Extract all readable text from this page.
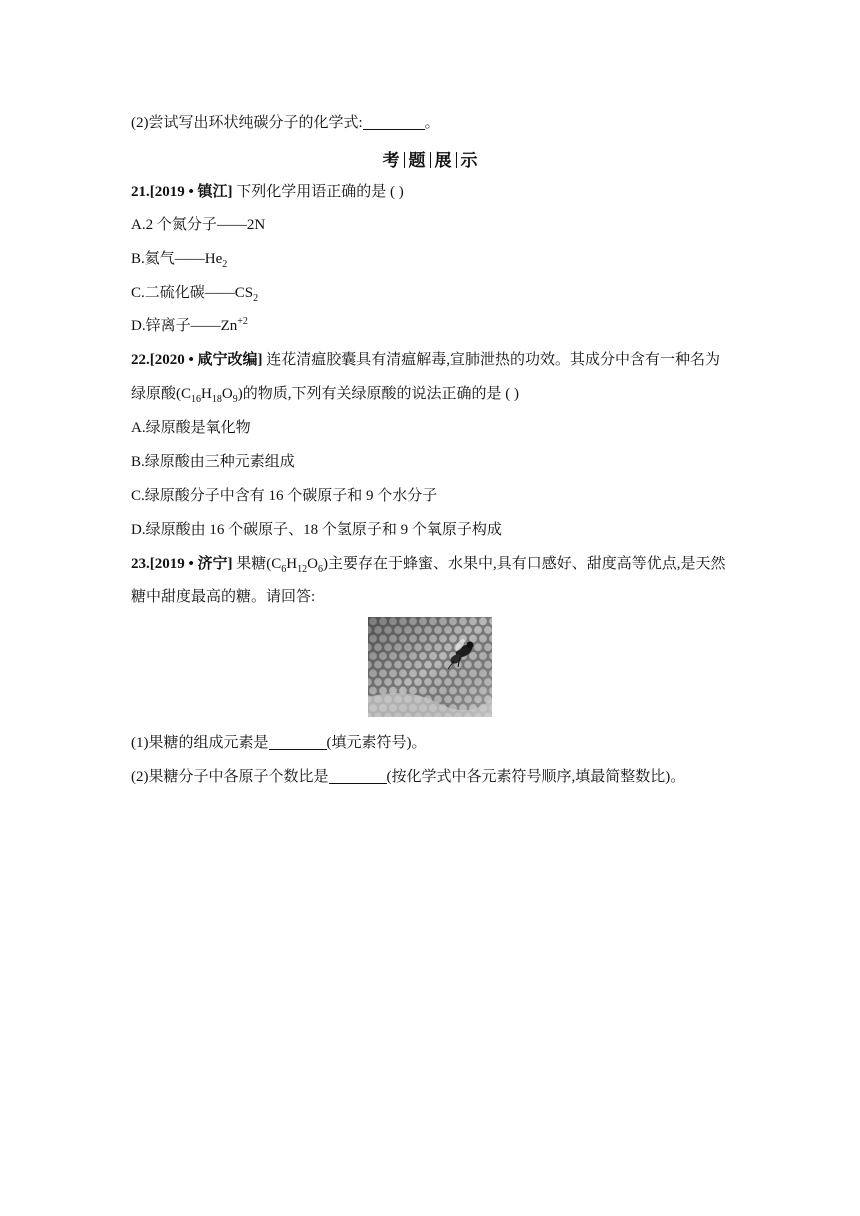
(2)尝试写出环状纯碳分子的化学式:	。
考 题 展 示
21.[2019 • 镇江] 下列化学用语正确的是 ( )
A.2 个氮分子——2N
B.氦气$——He_2$
C.二硫化碳$——CS_2$
D.锌离子$——Zn^{+2}$
22.[2020 • 咸宁改编] 连花清瘟胶囊具有清瘟解毒,宣肺泄热的功效。其成分中含有一种名为
绿原酸$(C_{16}H_{18}O_9)$的物质,下列有关绿原酸的说法正确的是 ( )
A.绿原酸是氧化物
B.绿原酸由三种元素组成
C.绿原酸分子中含有 16 个碳原子和 9 个水分子
D.绿原酸由 16 个碳原子、18 个氢原子和 9 个氧原子构成
23.[2019 • 济宁] 果糖$(C_6H_{12}O_6)$主要存在于蜂蜜、水果中,具有口感好、甜度高等优点,是天然
糖中甜度最高的糖。请回答:
(1)果糖的组成元素是	(填元素符号)。
(2)果糖分子中各原子个数比是	(按化学式中各元素符号顺序,填最简整数比)。
